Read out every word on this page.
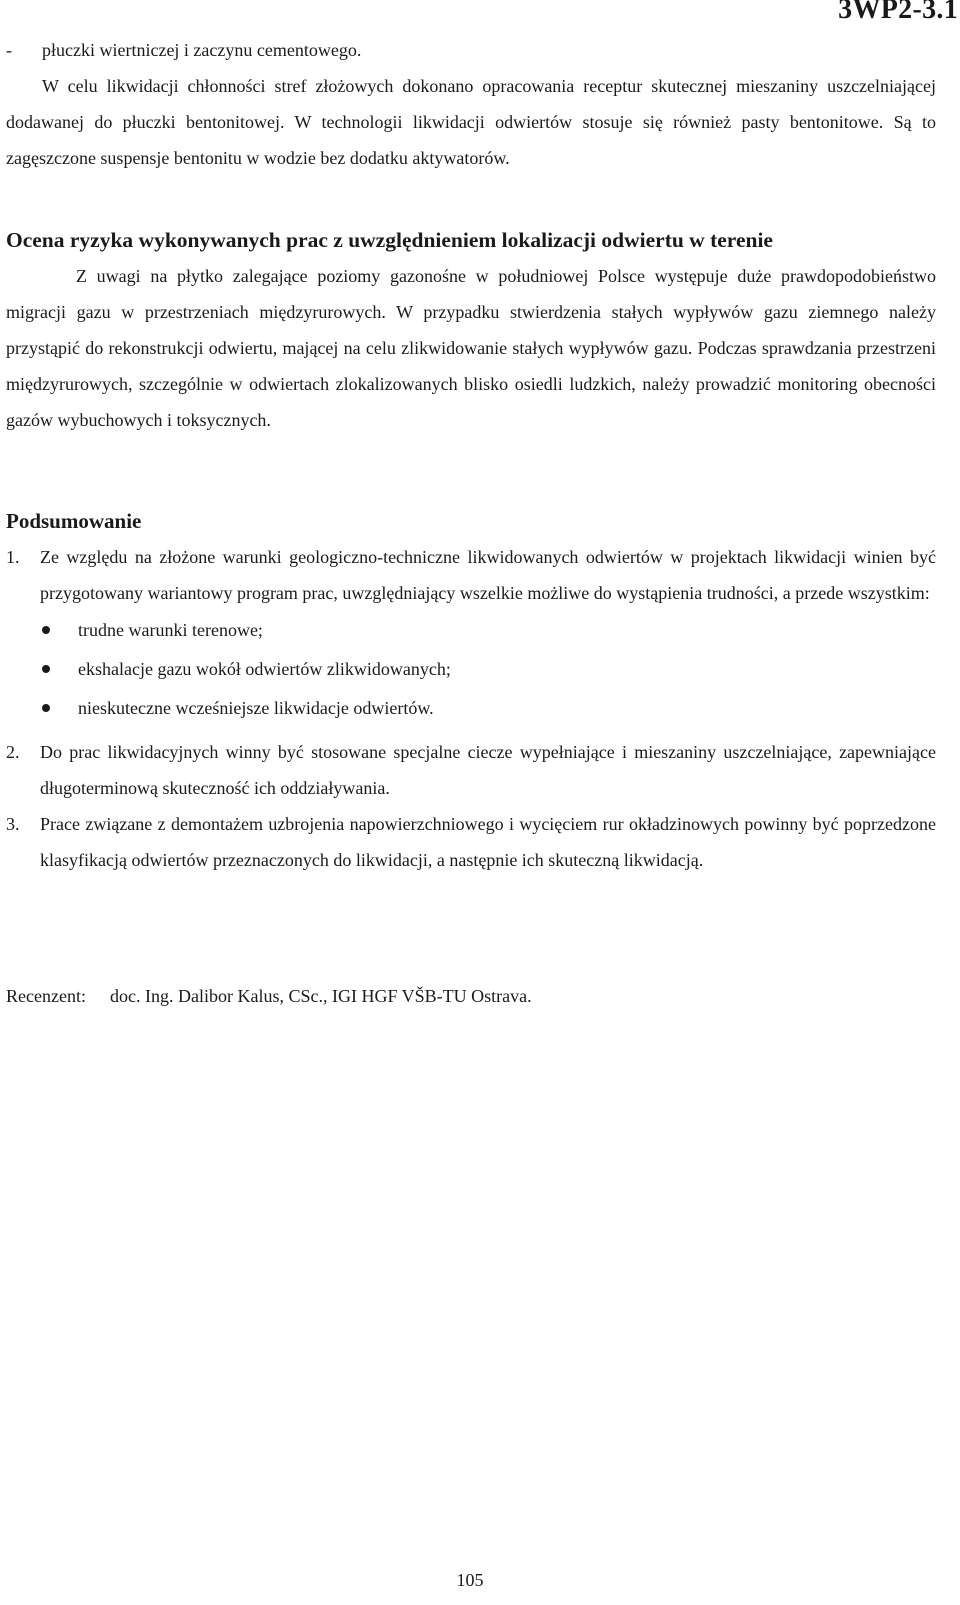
3WP2-3.1
- płuczki wiertniczej i zaczynu cementowego.
W celu likwidacji chłonności stref złożowych dokonano opracowania receptur skutecznej mieszaniny uszczelniającej dodawanej do płuczki bentonitowej. W technologii likwidacji odwiertów stosuje się również pasty bentonitowe. Są to zagęszczone suspensje bentonitu w wodzie bez dodatku aktywatorów.
Ocena ryzyka wykonywanych prac z uwzględnieniem lokalizacji odwiertu w terenie
Z uwagi na płytko zalegające poziomy gazonośne w południowej Polsce występuje duże prawdopodobieństwo migracji gazu w przestrzeniach międzyrurowych. W przypadku stwierdzenia stałych wypływów gazu ziemnego należy przystąpić do rekonstrukcji odwiertu, mającej na celu zlikwidowanie stałych wypływów gazu. Podczas sprawdzania przestrzeni międzyrurowych, szczególnie w odwiertach zlokalizowanych blisko osiedli ludzkich, należy prowadzić monitoring obecności gazów wybuchowych i toksycznych.
Podsumowanie
1. Ze względu na złożone warunki geologiczno-techniczne likwidowanych odwiertów w projektach likwidacji winien być przygotowany wariantowy program prac, uwzględniający wszelkie możliwe do wystąpienia trudności, a przede wszystkim:
trudne warunki terenowe;
ekshalacje gazu wokół odwiertów zlikwidowanych;
nieskuteczne wcześniejsze likwidacje odwiertów.
2. Do prac likwidacyjnych winny być stosowane specjalne ciecze wypełniające i mieszaniny uszczelniające, zapewniające długoterminową skuteczność ich oddziaływania.
3. Prace związane z demontażem uzbrojenia napowierzchniowego i wycięciem rur okładzinowych powinny być poprzedzone klasyfikacją odwiertów przeznaczonych do likwidacji, a następnie ich skuteczną likwidacją.
Recenzent: doc. Ing. Dalibor Kalus, CSc., IGI HGF VŠB-TU Ostrava.
105
